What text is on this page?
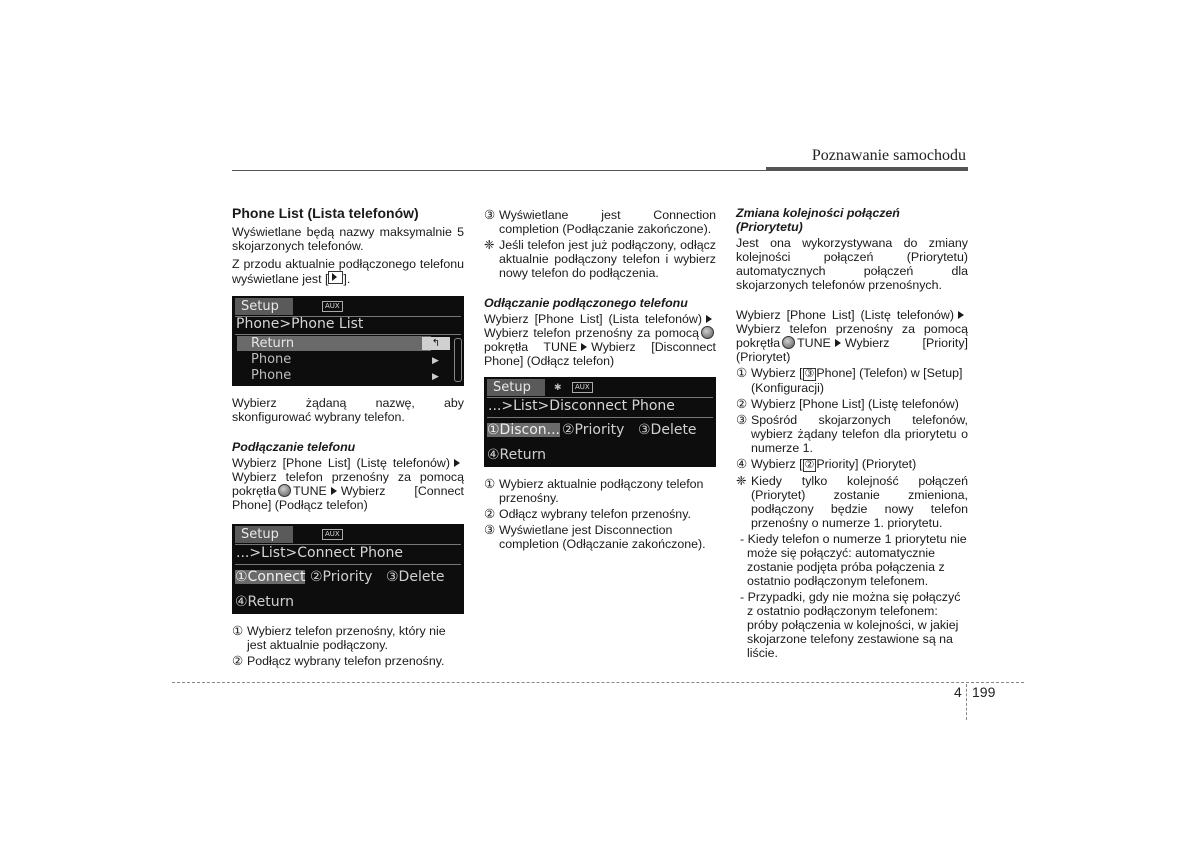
Poznawanie samochodu

Phone List (Lista telefonów)

Wyświetlane będą nazwy maksymalnie 5 skojarzonych telefonów.

Z przodu aktualnie podłączonego telefonu wyświetlane jest [ ].

Setup	AUX
Phone>Phone List
Return	↰
Phone	▶
Phone	▶

Wybierz żądaną nazwę, aby skonfigurować wybrany telefon.

Podłączanie telefonu

Wybierz [Phone List] (Listę telefonów) Wybierz telefon przenośny za pomocą pokrętła TUNE Wybierz [Connect Phone] (Podłącz telefon)

Setup	AUX
...>List>Connect Phone
①Connect ②Priority ③Delete
④Return

① Wybierz telefon przenośny, który nie jest aktualnie podłączony.

② Podłącz wybrany telefon przenośny.

③ Wyświetlane jest Connection completion (Podłączanie zakończone).

❈ Jeśli telefon jest już podłączony, odłącz aktualnie podłączony telefon i wybierz nowy telefon do podłączenia.

Odłączanie podłączonego telefonu

Wybierz [Phone List] (Lista telefonów) Wybierz telefon przenośny za pomocą pokrętła TUNE Wybierz [Disconnect Phone] (Odłącz telefon)

Setup	✱	AUX
...>List>Disconnect Phone
①Discon... ②Priority ③Delete
④Return

① Wybierz aktualnie podłączony telefon przenośny.

② Odłącz wybrany telefon przenośny.

③ Wyświetlane jest Disconnection completion (Odłączanie zakończone).

Zmiana kolejności połączeń (Priorytetu)

Jest ona wykorzystywana do zmiany kolejności połączeń (Priorytetu) automatycznych połączeń dla skojarzonych telefonów przenośnych.

Wybierz [Phone List] (Listę telefonów) Wybierz telefon przenośny za pomocą pokrętła TUNE Wybierz [Priority] (Priorytet)

① Wybierz [ ③ Phone] (Telefon) w [Setup] (Konfiguracji)

② Wybierz [Phone List] (Listę telefonów)

③ Spośród skojarzonych telefonów, wybierz żądany telefon dla priorytetu o numerze 1.

④ Wybierz [ ② Priority] (Priorytet)

❈ Kiedy tylko kolejność połączeń (Priorytet) zostanie zmieniona, podłączony będzie nowy telefon przenośny o numerze 1. priorytetu.

- Kiedy telefon o numerze 1 priorytetu nie może się połączyć: automatycznie zostanie podjęta próba połączenia z ostatnio podłączonym telefonem.

- Przypadki, gdy nie można się połączyć z ostatnio podłączonym telefonem: próby połączenia w kolejności, w jakiej skojarzone telefony zestawione są na liście.

4 199
